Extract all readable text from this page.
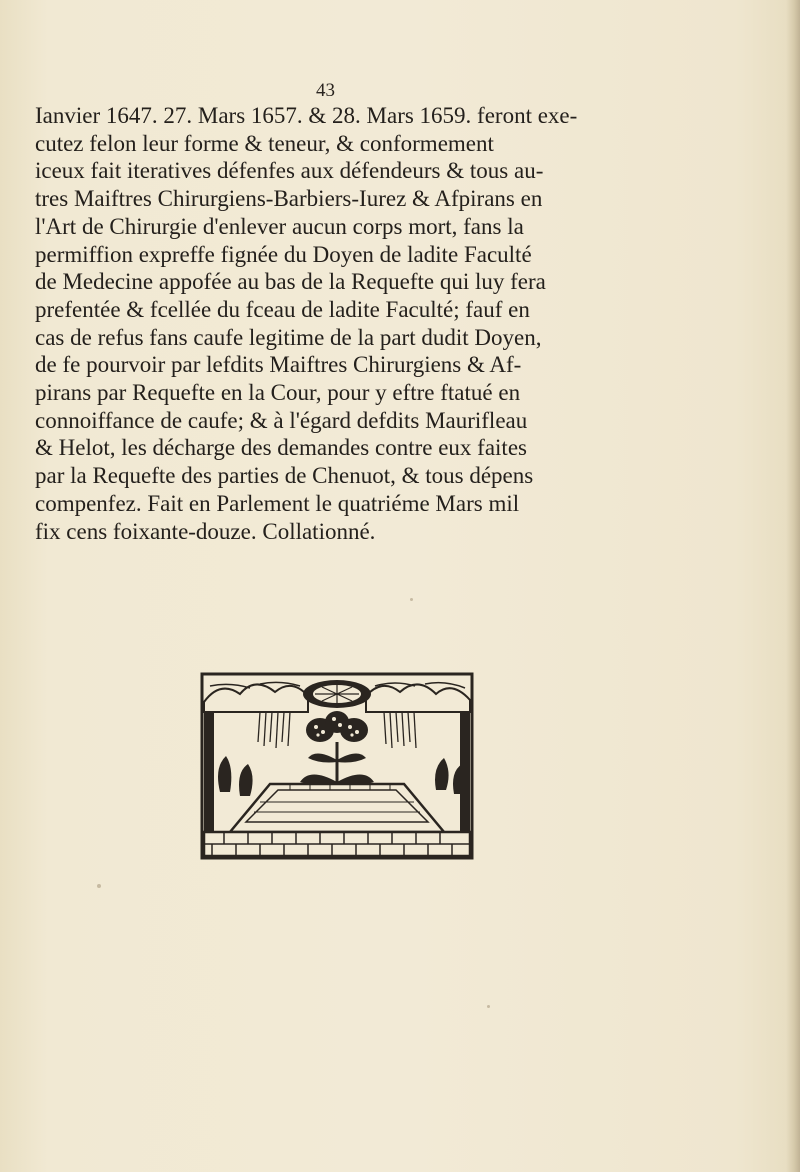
43
Ianvier 1647. 27. Mars 1657. & 28. Mars 1659. feront exe-
cutez felon leur forme & teneur, & conformement
iceux fait iteratives défenfes aux défendeurs & tous au-
tres Maiftres Chirurgiens-Barbiers-Iurez & Afpirans en
l'Art de Chirurgie d'enlever aucun corps mort, fans la
permiffion expreffe fignée du Doyen de ladite Faculté
de Medecine appofée au bas de la Requefte qui luy fera
prefentée & fcellée du fceau de ladite Faculté; fauf en
cas de refus fans caufe legitime de la part dudit Doyen,
de fe pourvoir par lefdits Maiftres Chirurgiens & Af-
pirans par Requefte en la Cour, pour y eftre ftatué en
connoiffance de caufe; & à l'égard defdits Maurifleau
& Helot, les décharge des demandes contre eux faites
par la Requefte des parties de Chenuot, & tous dépens
compenfez. Fait en Parlement le quatriéme Mars mil
fix cens foixante-douze. Collationné.
